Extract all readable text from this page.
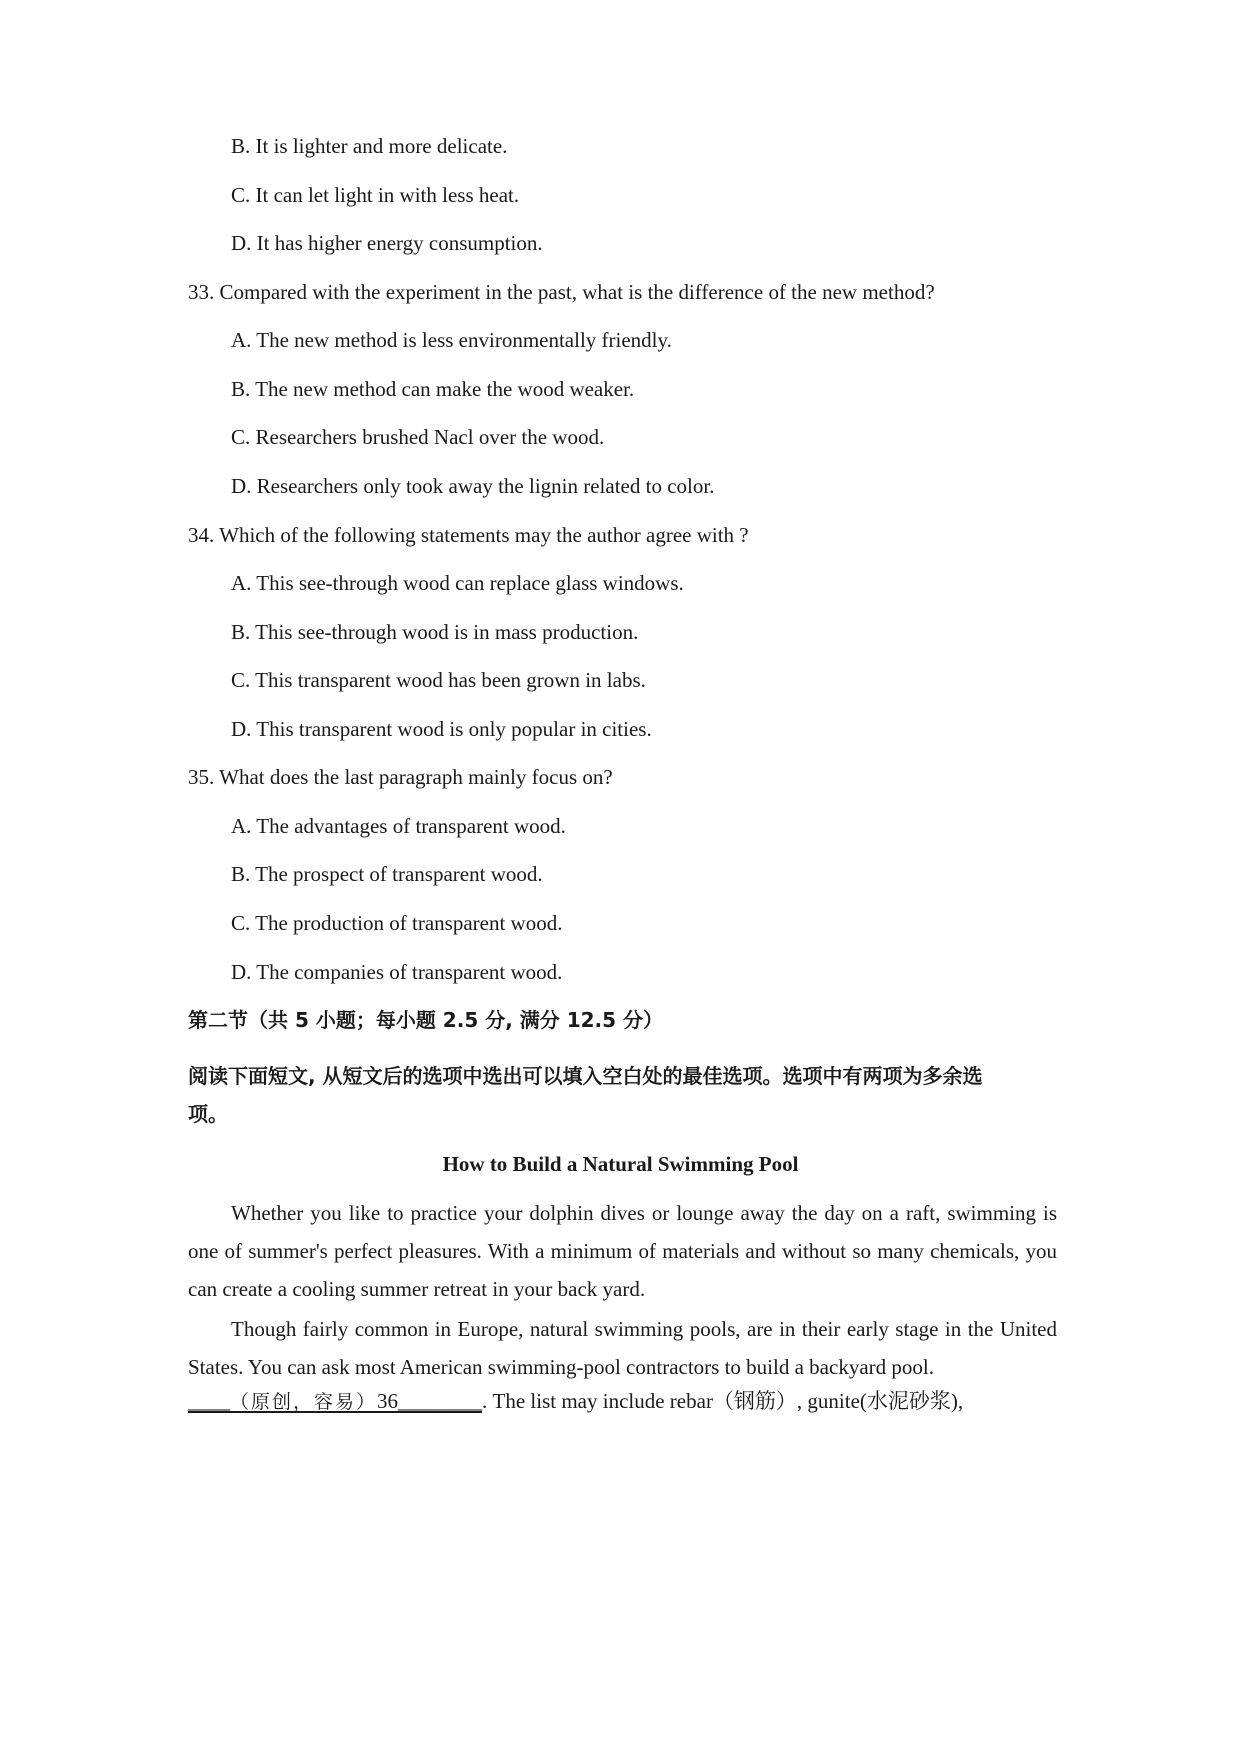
B. It is lighter and more delicate.
C. It can let light in with less heat.
D. It has higher energy consumption.
33. Compared with the experiment in the past, what is the difference of the new method?
A. The new method is less environmentally friendly.
B. The new method can make the wood weaker.
C. Researchers brushed Nacl over the wood.
D. Researchers only took away the lignin related to color.
34. Which of the following statements may the author agree with ?
A. This see-through wood can replace glass windows.
B. This see-through wood is in mass production.
C. This transparent wood has been grown in labs.
D. This transparent wood is only popular in cities.
35. What does the last paragraph mainly focus on?
A. The advantages of transparent wood.
B. The prospect of transparent wood.
C. The production of transparent wood.
D. The companies of transparent wood.
第二节（共 5 小题；每小题 2.5 分, 满分 12.5 分）
阅读下面短文, 从短文后的选项中选出可以填入空白处的最佳选项。选项中有两项为多余选
项。
How to Build a Natural Swimming Pool
Whether you like to practice your dolphin dives or lounge away the day on a raft, swimming is one of summer's perfect pleasures. With a minimum of materials and without so many chemicals, you can create a cooling summer retreat in your back yard.
Though fairly common in Europe, natural swimming pools, are in their early stage in the United States. You can ask most American swimming-pool contractors to build a backyard pool.
____（原创，容易）36________. The list may include rebar（钢筋）, gunite(水泥砂浆),
